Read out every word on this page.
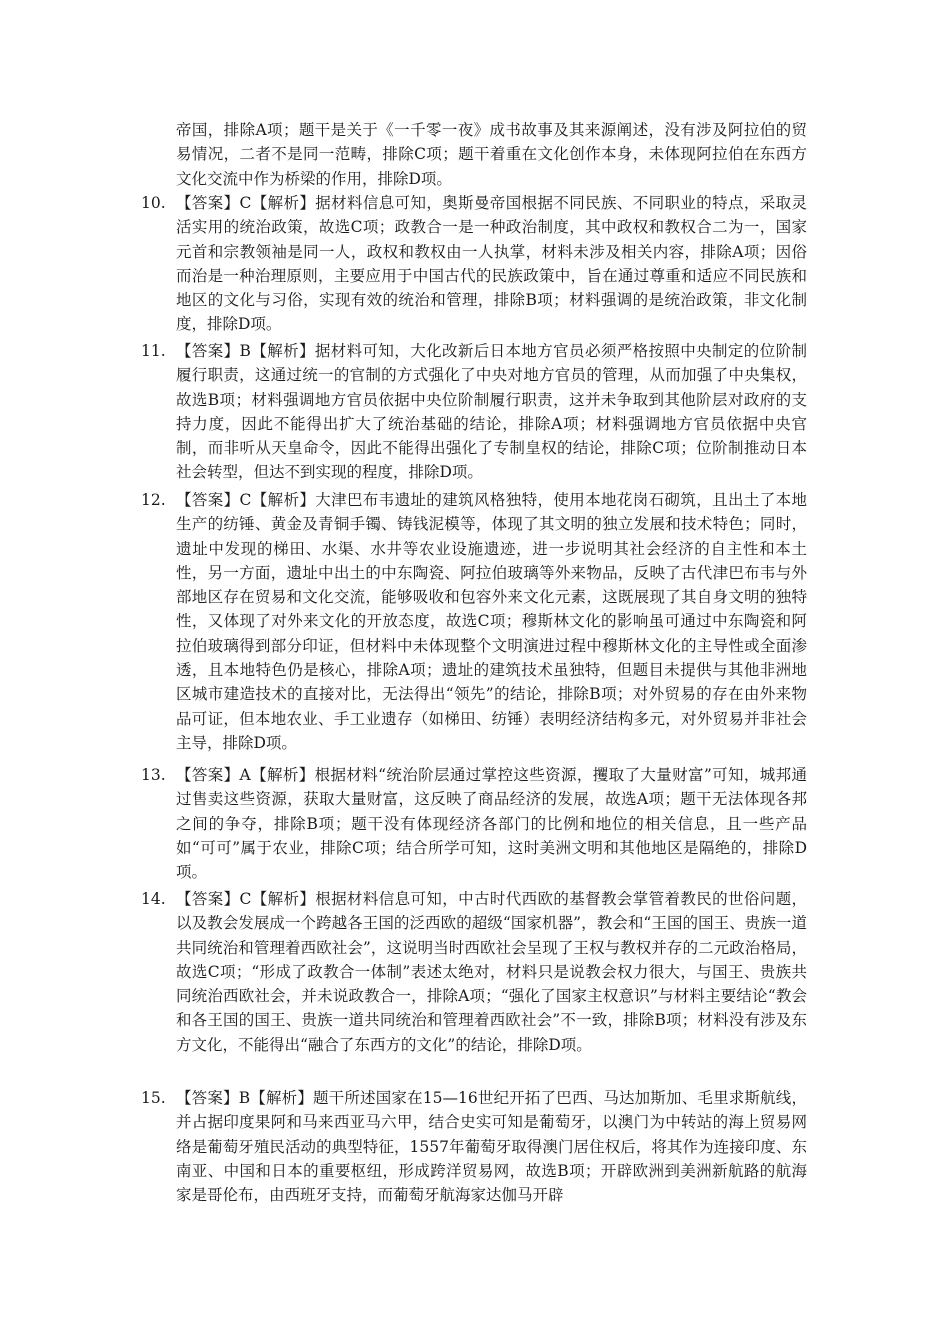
帝国，排除A项；题干是关于《一千零一夜》成书故事及其来源阐述，没有涉及阿拉伯的贸易情况，二者不是同一范畴，排除C项；题干着重在文化创作本身，未体现阿拉伯在东西方文化交流中作为桥梁的作用，排除D项。
10. 【答案】C【解析】据材料信息可知，奥斯曼帝国根据不同民族、不同职业的特点，采取灵活实用的统治政策，故选C项；政教合一是一种政治制度，其中政权和教权合二为一，国家元首和宗教领袖是同一人，政权和教权由一人执掌，材料未涉及相关内容，排除A项；因俗而治是一种治理原则，主要应用于中国古代的民族政策中，旨在通过尊重和适应不同民族和地区的文化与习俗，实现有效的统治和管理，排除B项；材料强调的是统治政策，非文化制度，排除D项。
11. 【答案】B【解析】据材料可知，大化改新后日本地方官员必须严格按照中央制定的位阶制履行职责，这通过统一的官制的方式强化了中央对地方官员的管理，从而加强了中央集权，故选B项；材料强调地方官员依据中央位阶制履行职责，这并未争取到其他阶层对政府的支持力度，因此不能得出扩大了统治基础的结论，排除A项；材料强调地方官员依据中央官制，而非听从天皇命令，因此不能得出强化了专制皇权的结论，排除C项；位阶制推动日本社会转型，但达不到实现的程度，排除D项。
12. 【答案】C【解析】大津巴布韦遗址的建筑风格独特，使用本地花岗石砌筑，且出土了本地生产的纺锤、黄金及青铜手镯、铸钱泥模等，体现了其文明的独立发展和技术特色；同时，遗址中发现的梯田、水渠、水井等农业设施遗迹，进一步说明其社会经济的自主性和本土性，另一方面，遗址中出土的中东陶瓷、阿拉伯玻璃等外来物品，反映了古代津巴布韦与外部地区存在贸易和文化交流，能够吸收和包容外来文化元素，这既展现了其自身文明的独特性，又体现了对外来文化的开放态度，故选C项；穆斯林文化的影响虽可通过中东陶瓷和阿拉伯玻璃得到部分印证，但材料中未体现整个文明演进过程中穆斯林文化的主导性或全面渗透，且本地特色仍是核心，排除A项；遗址的建筑技术虽独特，但题目未提供与其他非洲地区城市建造技术的直接对比，无法得出“领先”的结论，排除B项；对外贸易的存在由外来物品可证，但本地农业、手工业遗存（如梯田、纺锤）表明经济结构多元，对外贸易并非社会主导，排除D项。
13. 【答案】A【解析】根据材料“统治阶层通过掌控这些资源，攫取了大量财富”可知，城邦通过售卖这些资源，获取大量财富，这反映了商品经济的发展，故选A项；题干无法体现各邦之间的争夺，排除B项；题干没有体现经济各部门的比例和地位的相关信息，且一些产品如“可可”属于农业，排除C项；结合所学可知，这时美洲文明和其他地区是隔绝的，排除D项。
14. 【答案】C【解析】根据材料信息可知，中古时代西欧的基督教会掌管着教民的世俗问题，以及教会发展成一个跨越各王国的泛西欧的超级“国家机器”，教会和“王国的国王、贵族一道共同统治和管理着西欧社会”，这说明当时西欧社会呈现了王权与教权并存的二元政治格局，故选C项；“形成了政教合一体制”表述太绝对，材料只是说教会权力很大，与国王、贵族共同统治西欧社会，并未说政教合一，排除A项；“强化了国家主权意识”与材料主要结论“教会和各王国的国王、贵族一道共同统治和管理着西欧社会”不一致，排除B项；材料没有涉及东方文化，不能得出“融合了东西方的文化”的结论，排除D项。
15. 【答案】B【解析】题干所述国家在15—16世纪开拓了巴西、马达加斯加、毛里求斯航线，并占据印度果阿和马来西亚马六甲，结合史实可知是葡萄牙，以澳门为中转站的海上贸易网络是葡萄牙殖民活动的典型特征，1557年葡萄牙取得澳门居住权后，将其作为连接印度、东南亚、中国和日本的重要枢纽，形成跨洋贸易网，故选B项；开辟欧洲到美洲新航路的航海家是哥伦布，由西班牙支持，而葡萄牙航海家达伽马开辟
